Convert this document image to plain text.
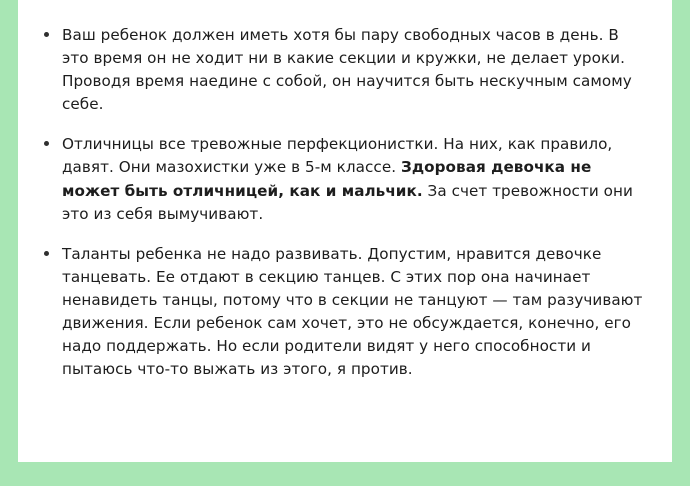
Ваш ребенок должен иметь хотя бы пару свободных часов в день. В это время он не ходит ни в какие секции и кружки, не делает уроки. Проводя время наедине с собой, он научится быть нескучным самому себе.

Отличницы все тревожные перфекционистки. На них, как правило, давят. Они мазохистки уже в 5-м классе. Здоровая девочка не может быть отличницей, как и мальчик. За счет тревожности они это из себя вымучивают.

Таланты ребенка не надо развивать. Допустим, нравится девочке танцевать. Ее отдают в секцию танцев. С этих пор она начинает ненавидеть танцы, потому что в секции не танцуют — там разучивают движения. Если ребенок сам хочет, это не обсуждается, конечно, его надо поддержать. Но если родители видят у него способности и пытаюсь что-то выжать из этого, я против.
